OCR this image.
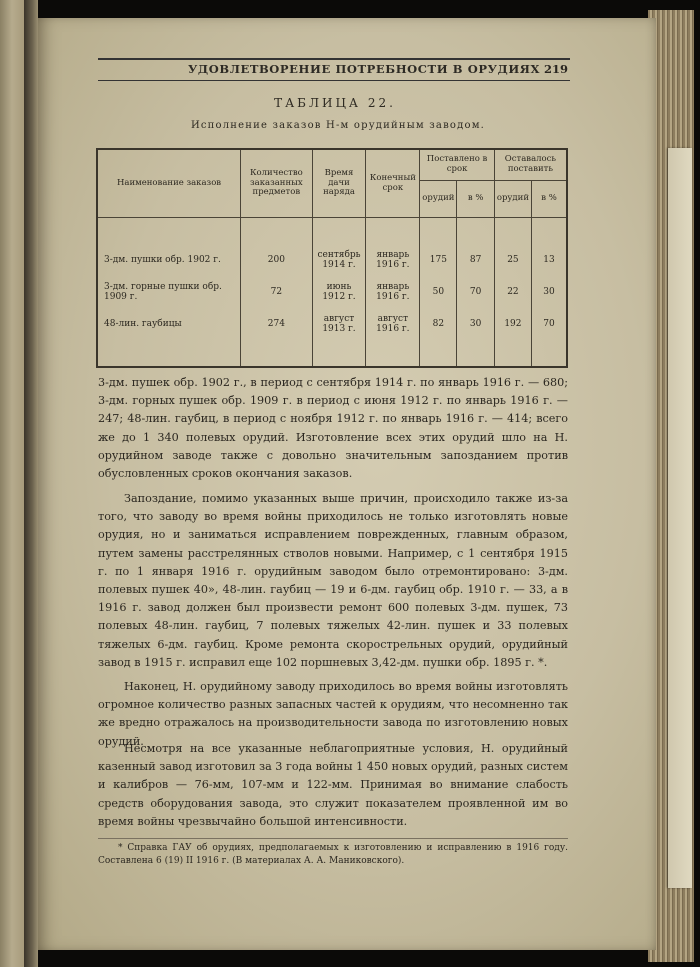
УДОВЛЕТВОРЕНИЕ ПОТРЕБНОСТИ В ОРУДИЯХ 219
ТАБЛИЦА 22.
Исполнение заказов Н-м орудийным заводом.
Наименование заказов	Количество заказанных предметов	Время дачи наряда	Конечный срок	Поставлено в срок		Оставалось поставить	
				орудий	в %	орудий	в %

3-дм. пушки обр. 1902 г.	200	сентябрь 1914 г.	январь 1916 г.	175	87	25	13
3-дм. горные пушки обр. 1909 г.	72	июнь 1912 г.	январь 1916 г.	50	70	22	30
48-лин. гаубицы	274	август 1913 г.	август 1916 г.	82	30	192	70

3-дм. пушек обр. 1902 г., в период с сентября 1914 г. по январь 1916 г. — 680; 3-дм. горных пушек обр. 1909 г. в период с июня 1912 г. по январь 1916 г. — 247; 48-лин. гаубиц, в период с ноября 1912 г. по январь 1916 г. — 414; всего же до 1 340 полевых орудий. Изготовление всех этих орудий шло на Н. орудийном заводе также с довольно значительным запозданием против обусловленных сроков окончания заказов.

Запоздание, помимо указанных выше причин, происходило также из-за того, что заводу во время войны приходилось не только изготовлять новые орудия, но и заниматься исправлением поврежденных, главным образом, путем замены расстрелянных стволов новыми. Например, с 1 сентября 1915 г. по 1 января 1916 г. орудийным заводом было отремонтировано: 3-дм. полевых пушек 40», 48-лин. гаубиц — 19 и 6-дм. гаубиц обр. 1910 г. — 33, а в 1916 г. завод должен был произвести ремонт 600 полевых 3-дм. пушек, 73 полевых 48-лин. гаубиц, 7 полевых тяжелых 42-лин. пушек и 33 полевых тяжелых 6-дм. гаубиц. Кроме ремонта скорострельных орудий, орудийный завод в 1915 г. исправил еще 102 поршневых 3,42-дм. пушки обр. 1895 г. *.

Наконец, Н. орудийному заводу приходилось во время войны изготовлять огромное количество разных запасных частей к орудиям, что несомненно так же вредно отражалось на производительности завода по изготовлению новых орудий.

Несмотря на все указанные неблагоприятные условия, Н. орудийный казенный завод изготовил за 3 года войны 1 450 новых орудий, разных систем и калибров — 76-мм, 107-мм и 122-мм. Принимая во внимание слабость средств оборудования завода, это служит показателем проявленной им во время войны чрезвычайно большой интенсивности.

* Справка ГАУ об орудиях, предполагаемых к изготовлению и исправлению в 1916 году. Составлена 6 (19) II 1916 г. (В материалах А. А. Маниковского).
